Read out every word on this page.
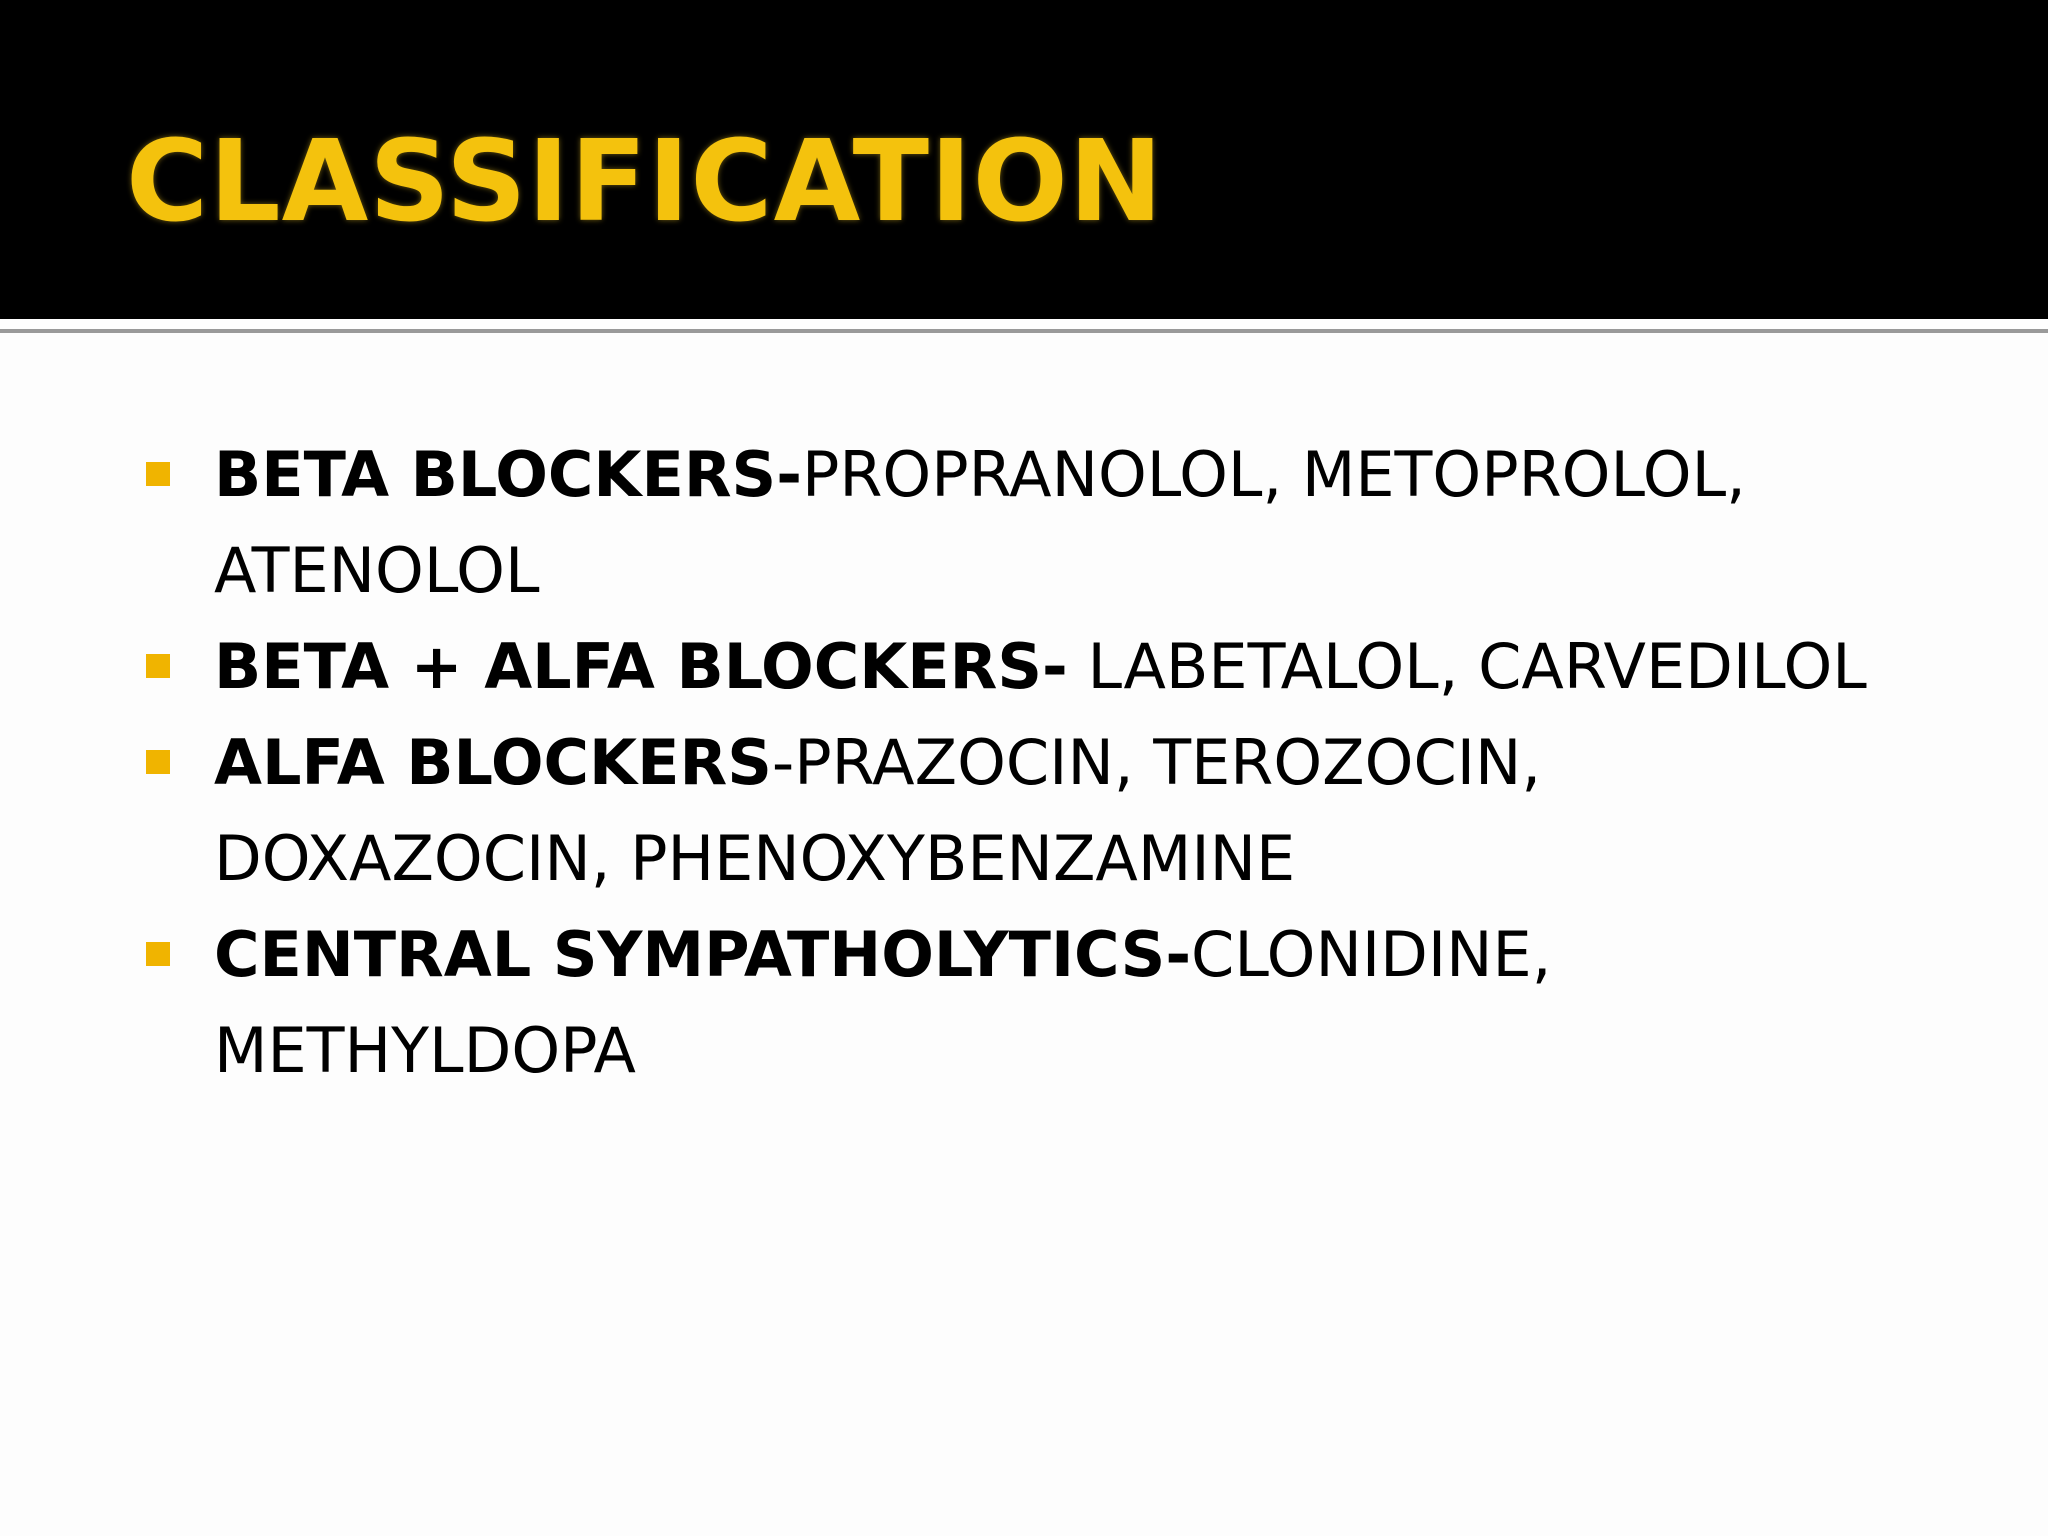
CLASSIFICATION
BETA BLOCKERS-PROPRANOLOL, METOPROLOL,
ATENOLOL
BETA + ALFA BLOCKERS- LABETALOL, CARVEDILOL
ALFA BLOCKERS-PRAZOCIN, TEROZOCIN,
DOXAZOCIN, PHENOXYBENZAMINE
CENTRAL SYMPATHOLYTICS-CLONIDINE,
METHYLDOPA
